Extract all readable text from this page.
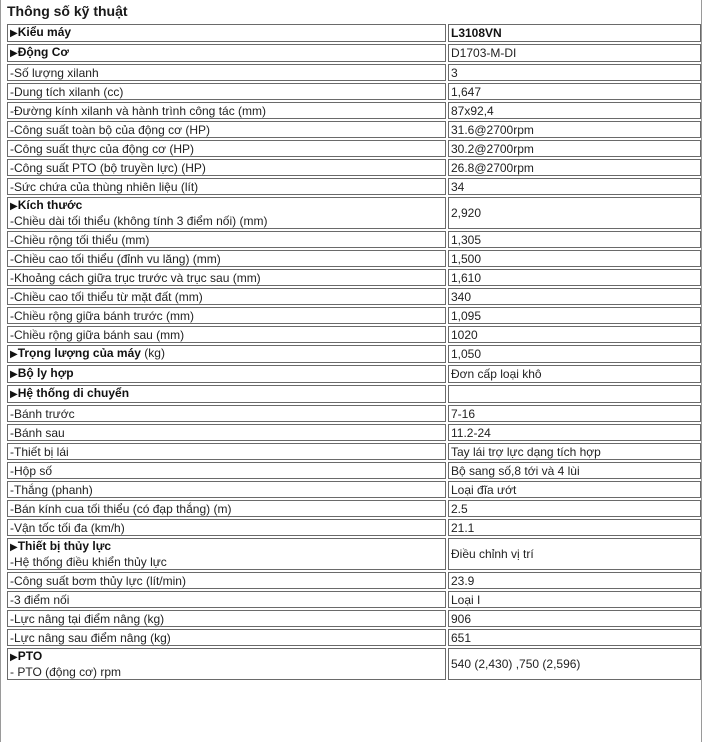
Thông số kỹ thuật
▶Kiểu máy	L3108VN
▶Động Cơ	D1703-M-DI
-Số lượng xilanh	3
-Dung tích xilanh (cc)	1,647
-Đường kính xilanh và hành trình công tác (mm)	87x92,4
-Công suất toàn bộ của động cơ (HP)	31.6@2700rpm
-Công suất thực của động cơ (HP)	30.2@2700rpm
-Công suất PTO (bộ truyền lực) (HP)	26.8@2700rpm
-Sức chứa của thùng nhiên liệu (lít)	34
▶Kích thước
-Chiều dài tối thiểu (không tính 3 điểm nối) (mm)	2,920
-Chiều rộng tối thiểu (mm)	1,305
-Chiều cao tối thiểu (đỉnh vu lăng) (mm)	1,500
-Khoảng cách giữa trục trước và trục sau (mm)	1,610
-Chiều cao tối thiểu từ mặt đất (mm)	340
-Chiều rộng giữa bánh trước (mm)	1,095
-Chiều rộng giữa bánh sau (mm)	1020
▶Trọng lượng của máy (kg)	1,050
▶Bộ ly hợp	Đơn cấp loại khô
▶Hệ thống di chuyển	
-Bánh trước	7-16
-Bánh sau	11.2-24
-Thiết bị lái	Tay lái trợ lực dạng tích hợp
-Hộp số	Bộ sang số,8 tới và 4 lùi
-Thắng (phanh)	Loại đĩa ướt
-Bán kính cua tối thiểu (có đạp thắng) (m)	2.5
-Vận tốc tối đa (km/h)	21.1
▶Thiết bị thủy lực
-Hệ thống điều khiển thủy lực	Điều chỉnh vị trí
-Công suất bơm thủy lực (lít/min)	23.9
-3 điểm nối	Loại I
-Lực nâng tại điểm nâng (kg)	906
-Lực nâng sau điểm nâng (kg)	651
▶PTO
- PTO (động cơ) rpm	540 (2,430) ,750 (2,596)
